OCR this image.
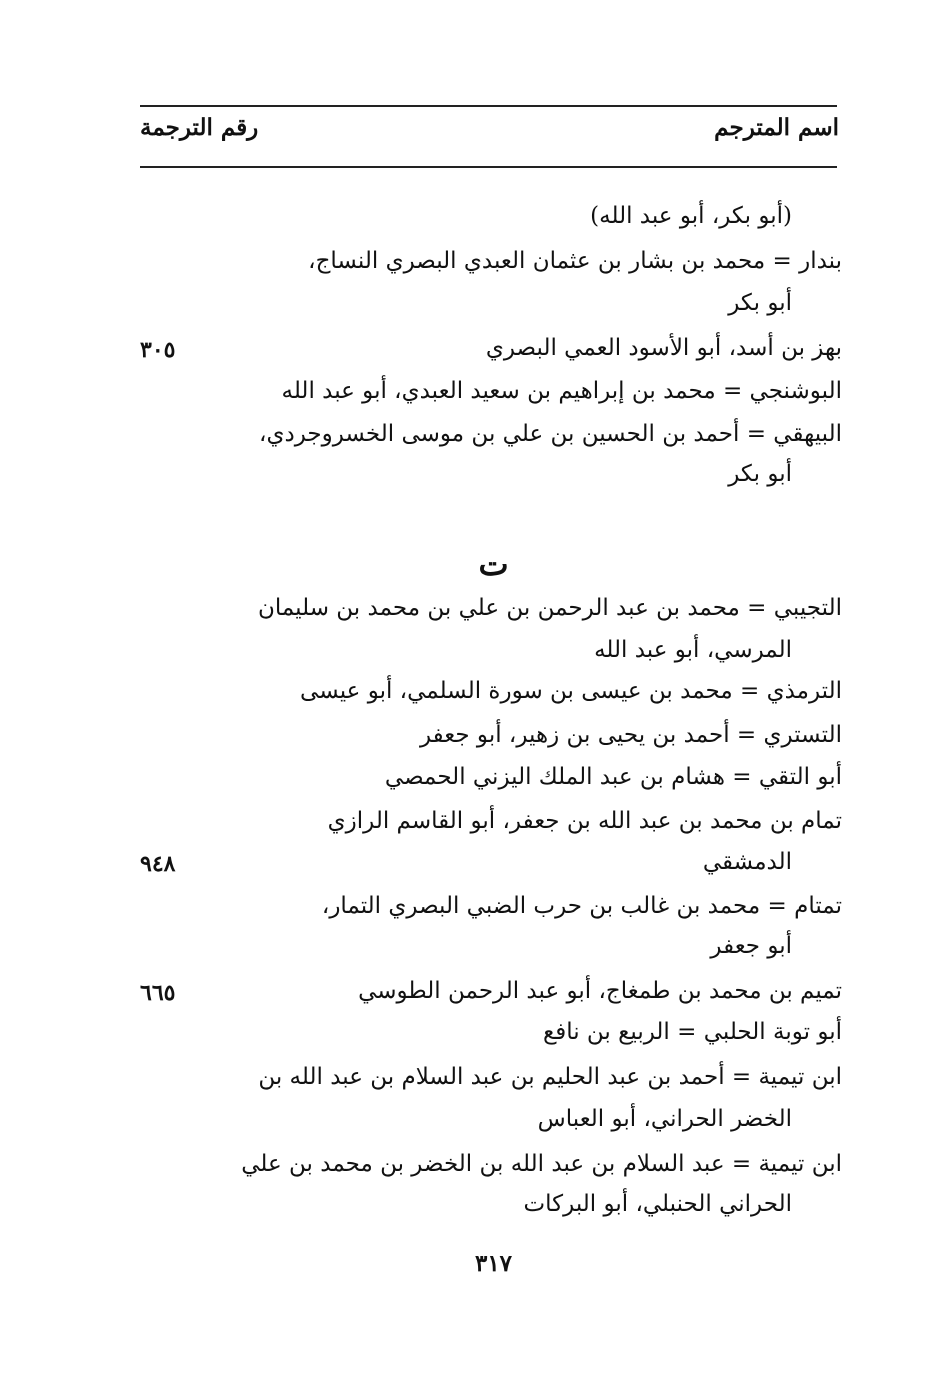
اسم المترجم
رقم الترجمة
(أبو بكر، أبو عبد الله)
بندار = محمد بن بشار بن عثمان العبدي البصري النساج،
أبو بكر
بهز بن أسد، أبو الأسود العمي البصري
٣٠٥
البوشنجي = محمد بن إبراهيم بن سعيد العبدي، أبو عبد الله
البيهقي = أحمد بن الحسين بن علي بن موسى الخسروجردي،
أبو بكر
ت
التجيبي = محمد بن عبد الرحمن بن علي بن محمد بن سليمان
المرسي، أبو عبد الله
الترمذي = محمد بن عيسى بن سورة السلمي، أبو عيسى
التستري = أحمد بن يحيى بن زهير، أبو جعفر
أبو التقي = هشام بن عبد الملك اليزني الحمصي
تمام بن محمد بن عبد الله بن جعفر، أبو القاسم الرازي
الدمشقي
٩٤٨
تمتام = محمد بن غالب بن حرب الضبي البصري التمار،
أبو جعفر
تميم بن محمد بن طمغاج، أبو عبد الرحمن الطوسي
٦٦٥
أبو توبة الحلبي = الربيع بن نافع
ابن تيمية = أحمد بن عبد الحليم بن عبد السلام بن عبد الله بن
الخضر الحراني، أبو العباس
ابن تيمية = عبد السلام بن عبد الله بن الخضر بن محمد بن علي
الحراني الحنبلي، أبو البركات
٣١٧
